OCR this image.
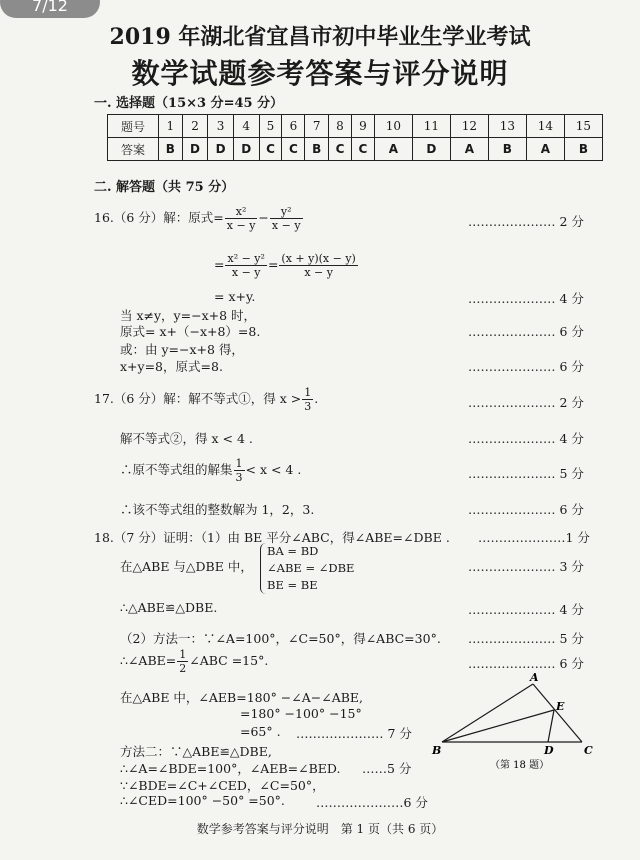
7/12
2019 年湖北省宜昌市初中毕业生学业考试
数学试题参考答案与评分说明
一. 选择题（15×3 分=45 分）
题号	1	2	3	4	5	6	7	8	9	10	11	12	13	14	15
答案	B	D	D	D	C	C	B	C	C	A	D	A	B	A	B
二. 解答题（共 75 分）
16.（6 分）解：原式= $\frac{\text{x²}}{x - y} - \frac{\text{y²}}{x - y}$	………………… 2 分
= $\frac{\text{x² − y²}}{x - y} = \frac{(x + y)(x - y)}{x - y}$
= x+y.	………………… 4 分
当 x≠y，y=−x+8 时，
原式= x+（−x+8）=8.	………………… 6 分
或：由 y=−x+8 得，
x+y=8，原式=8.	………………… 6 分
17.（6 分）解：解不等式①，得 $x > \frac{1}{3}$ .	………………… 2 分
解不等式②，得 x < 4 .	………………… 4 分
∴原不等式组的解集 $\frac{1}{3} < x < 4$ .	………………… 5 分
∴该不等式组的整数解为 1，2，3.	………………… 6 分
18.（7 分）证明：（1）由 BE 平分∠ABC，得∠ABE=∠DBE . …………………1 分
在△ABE 与△DBE 中，
BA = BD
∠ABE = ∠DBE
BE = BE
………………… 3 分
∴△ABE≌△DBE.	………………… 4 分
（2）方法一：∵∠A=100°，∠C=50°，得∠ABC=30°. ………………… 5 分
∴∠ABE= $\frac{1}{2}$ ∠ABC =15°.	………………… 6 分
在△ABE 中，∠AEB=180° −∠A−∠ABE,
=180° −100° −15°
=65° . ………………… 7 分
方法二：∵△ABE≌△DBE,
∴∠A=∠BDE=100°，∠AEB=∠BED. ……5 分
∵∠BDE=∠C+∠CED，∠C=50°，
∴∠CED=100° −50° =50°. …………………6 分
A
B	C
D
E
（第 18 题）
数学参考答案与评分说明　第 1 页（共 6 页）
